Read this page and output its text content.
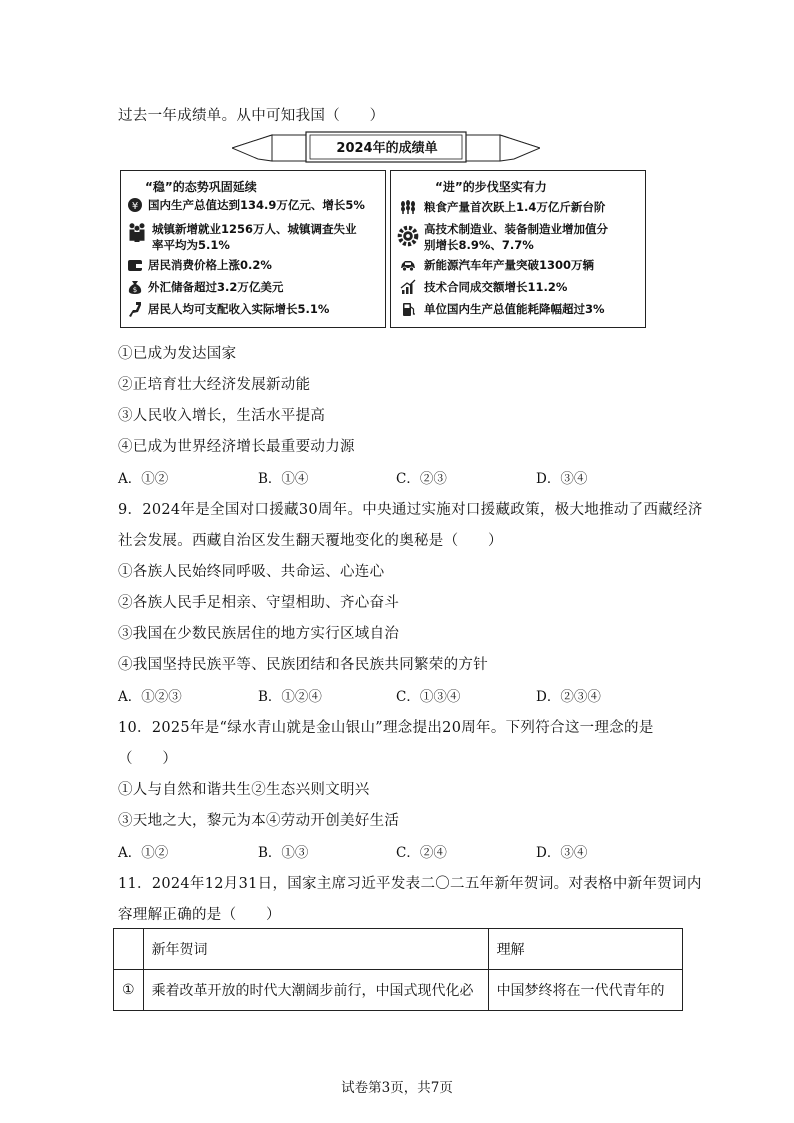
过去一年成绩单。从中可知我国（　　）
2024年的成绩单
“稳”的态势巩固延续
¥ 国内生产总值达到134.9万亿元、增长5%
城镇新增就业1256万人、城镇调查失业
率平均为5.1%
居民消费价格上涨0.2%
$ 外汇储备超过3.2万亿美元
居民人均可支配收入实际增长5.1%
“进”的步伐坚实有力
粮食产量首次跃上1.4万亿斤新台阶
高技术制造业、装备制造业增加值分
别增长8.9%、7.7%
新能源汽车年产量突破1300万辆
技术合同成交额增长11.2%
单位国内生产总值能耗降幅超过3%
①已成为发达国家
②正培育壮大经济发展新动能
③人民收入增长，生活水平提高
④已成为世界经济增长最重要动力源
A．①②	B．①④	C．②③	D．③④
9．2024年是全国对口援藏30周年。中央通过实施对口援藏政策，极大地推动了西藏经济
社会发展。西藏自治区发生翻天覆地变化的奥秘是（　　）
①各族人民始终同呼吸、共命运、心连心
②各族人民手足相亲、守望相助、齐心奋斗
③我国在少数民族居住的地方实行区域自治
④我国坚持民族平等、民族团结和各民族共同繁荣的方针
A．①②③	B．①②④	C．①③④	D．②③④
10．2025年是“绿水青山就是金山银山”理念提出20周年。下列符合这一理念的是
（　　）
①人与自然和谐共生②生态兴则文明兴
③天地之大，黎元为本④劳动开创美好生活
A．①②	B．①③	C．②④	D．③④
11．2024年12月31日，国家主席习近平发表二〇二五年新年贺词。对表格中新年贺词内
容理解正确的是（　　）
	新年贺词	理解
①	乘着改革开放的时代大潮阔步前行，中国式现代化必	中国梦终将在一代代青年的
试卷第3页，共7页
